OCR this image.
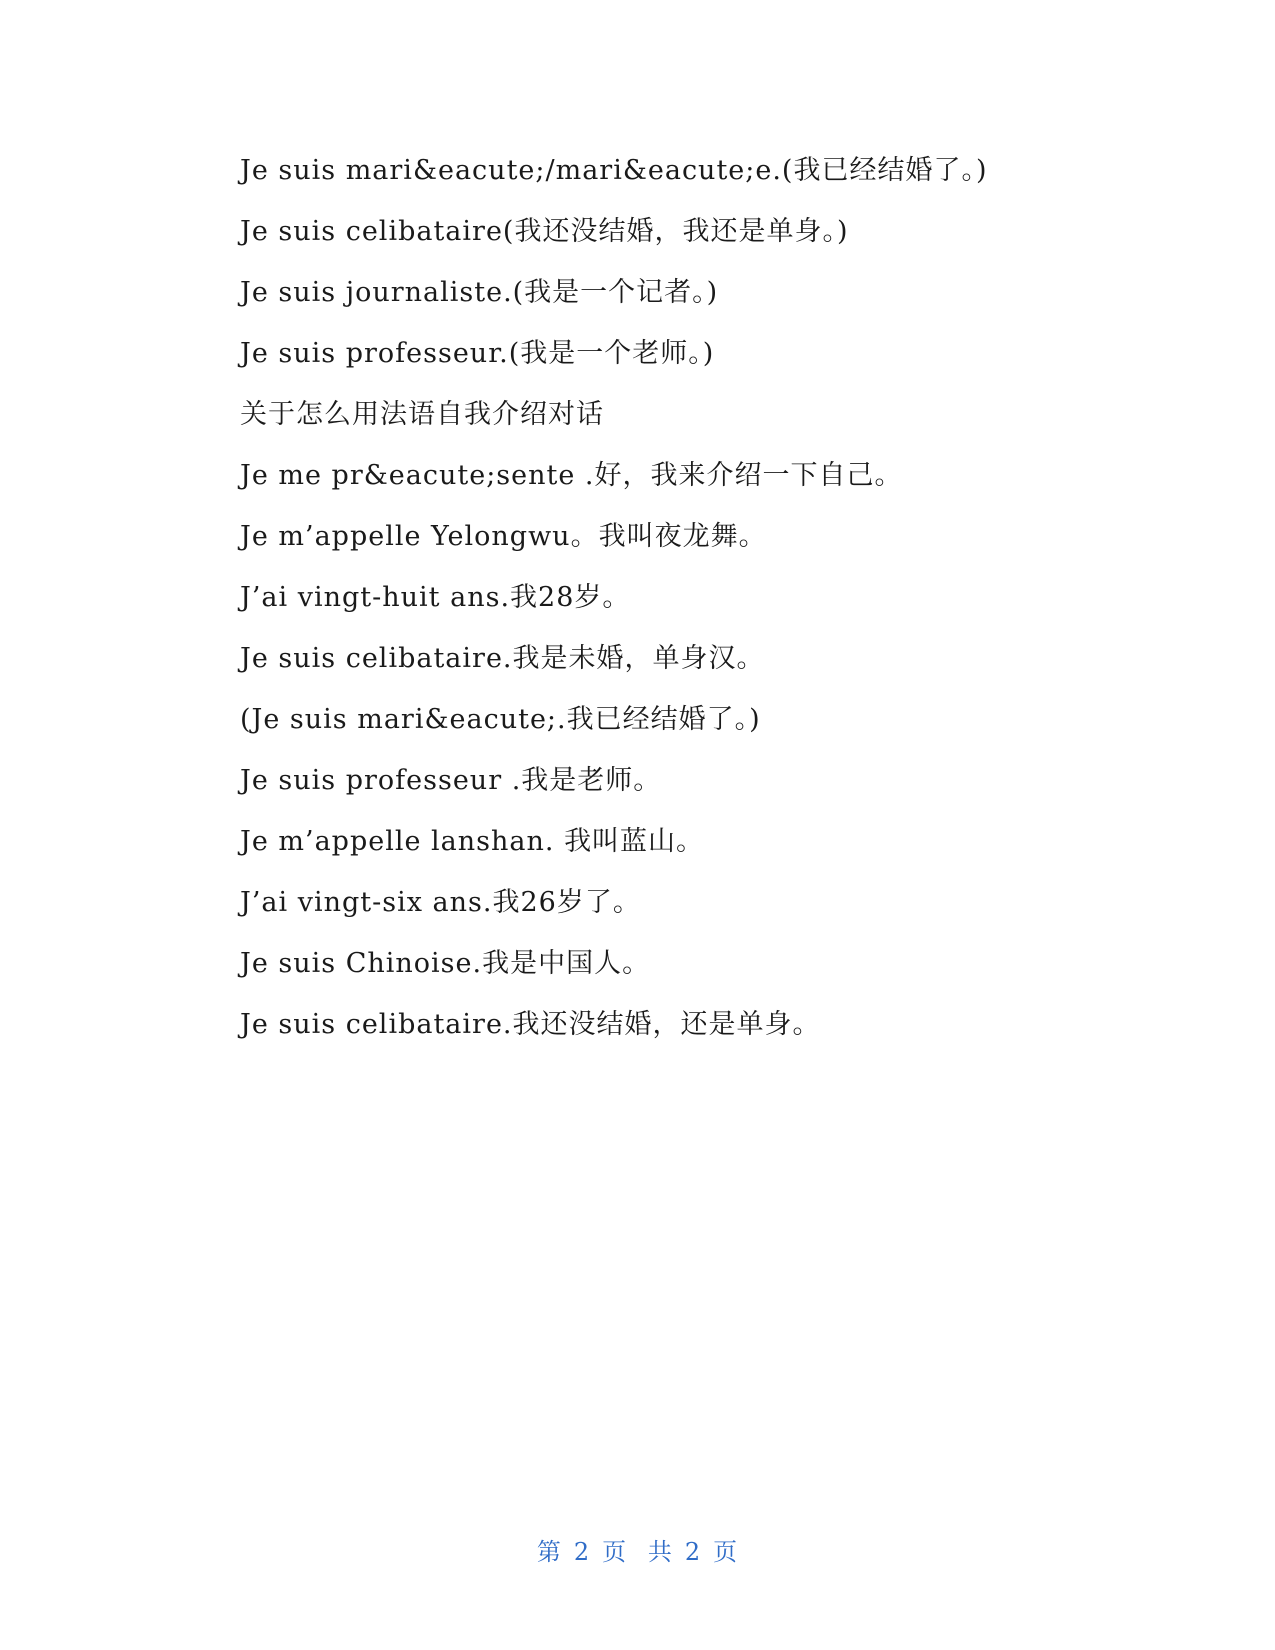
Je suis mari&eacute;/mari&eacute;e.(我已经结婚了。)
Je suis celibataire(我还没结婚，我还是单身。)
Je suis journaliste.(我是一个记者。)
Je suis professeur.(我是一个老师。)
关于怎么用法语自我介绍对话
Je me pr&eacute;sente .好，我来介绍一下自己。
Je m’appelle Yelongwu。我叫夜龙舞。
J’ai vingt-huit ans.我28岁。
Je suis celibataire.我是未婚，单身汉。
(Je suis mari&eacute;.我已经结婚了。)
Je suis professeur .我是老师。
Je m’appelle lanshan. 我叫蓝山。
J’ai vingt-six ans.我26岁了。
Je suis Chinoise.我是中国人。
Je suis celibataire.我还没结婚，还是单身。
第 2 页 共 2 页
